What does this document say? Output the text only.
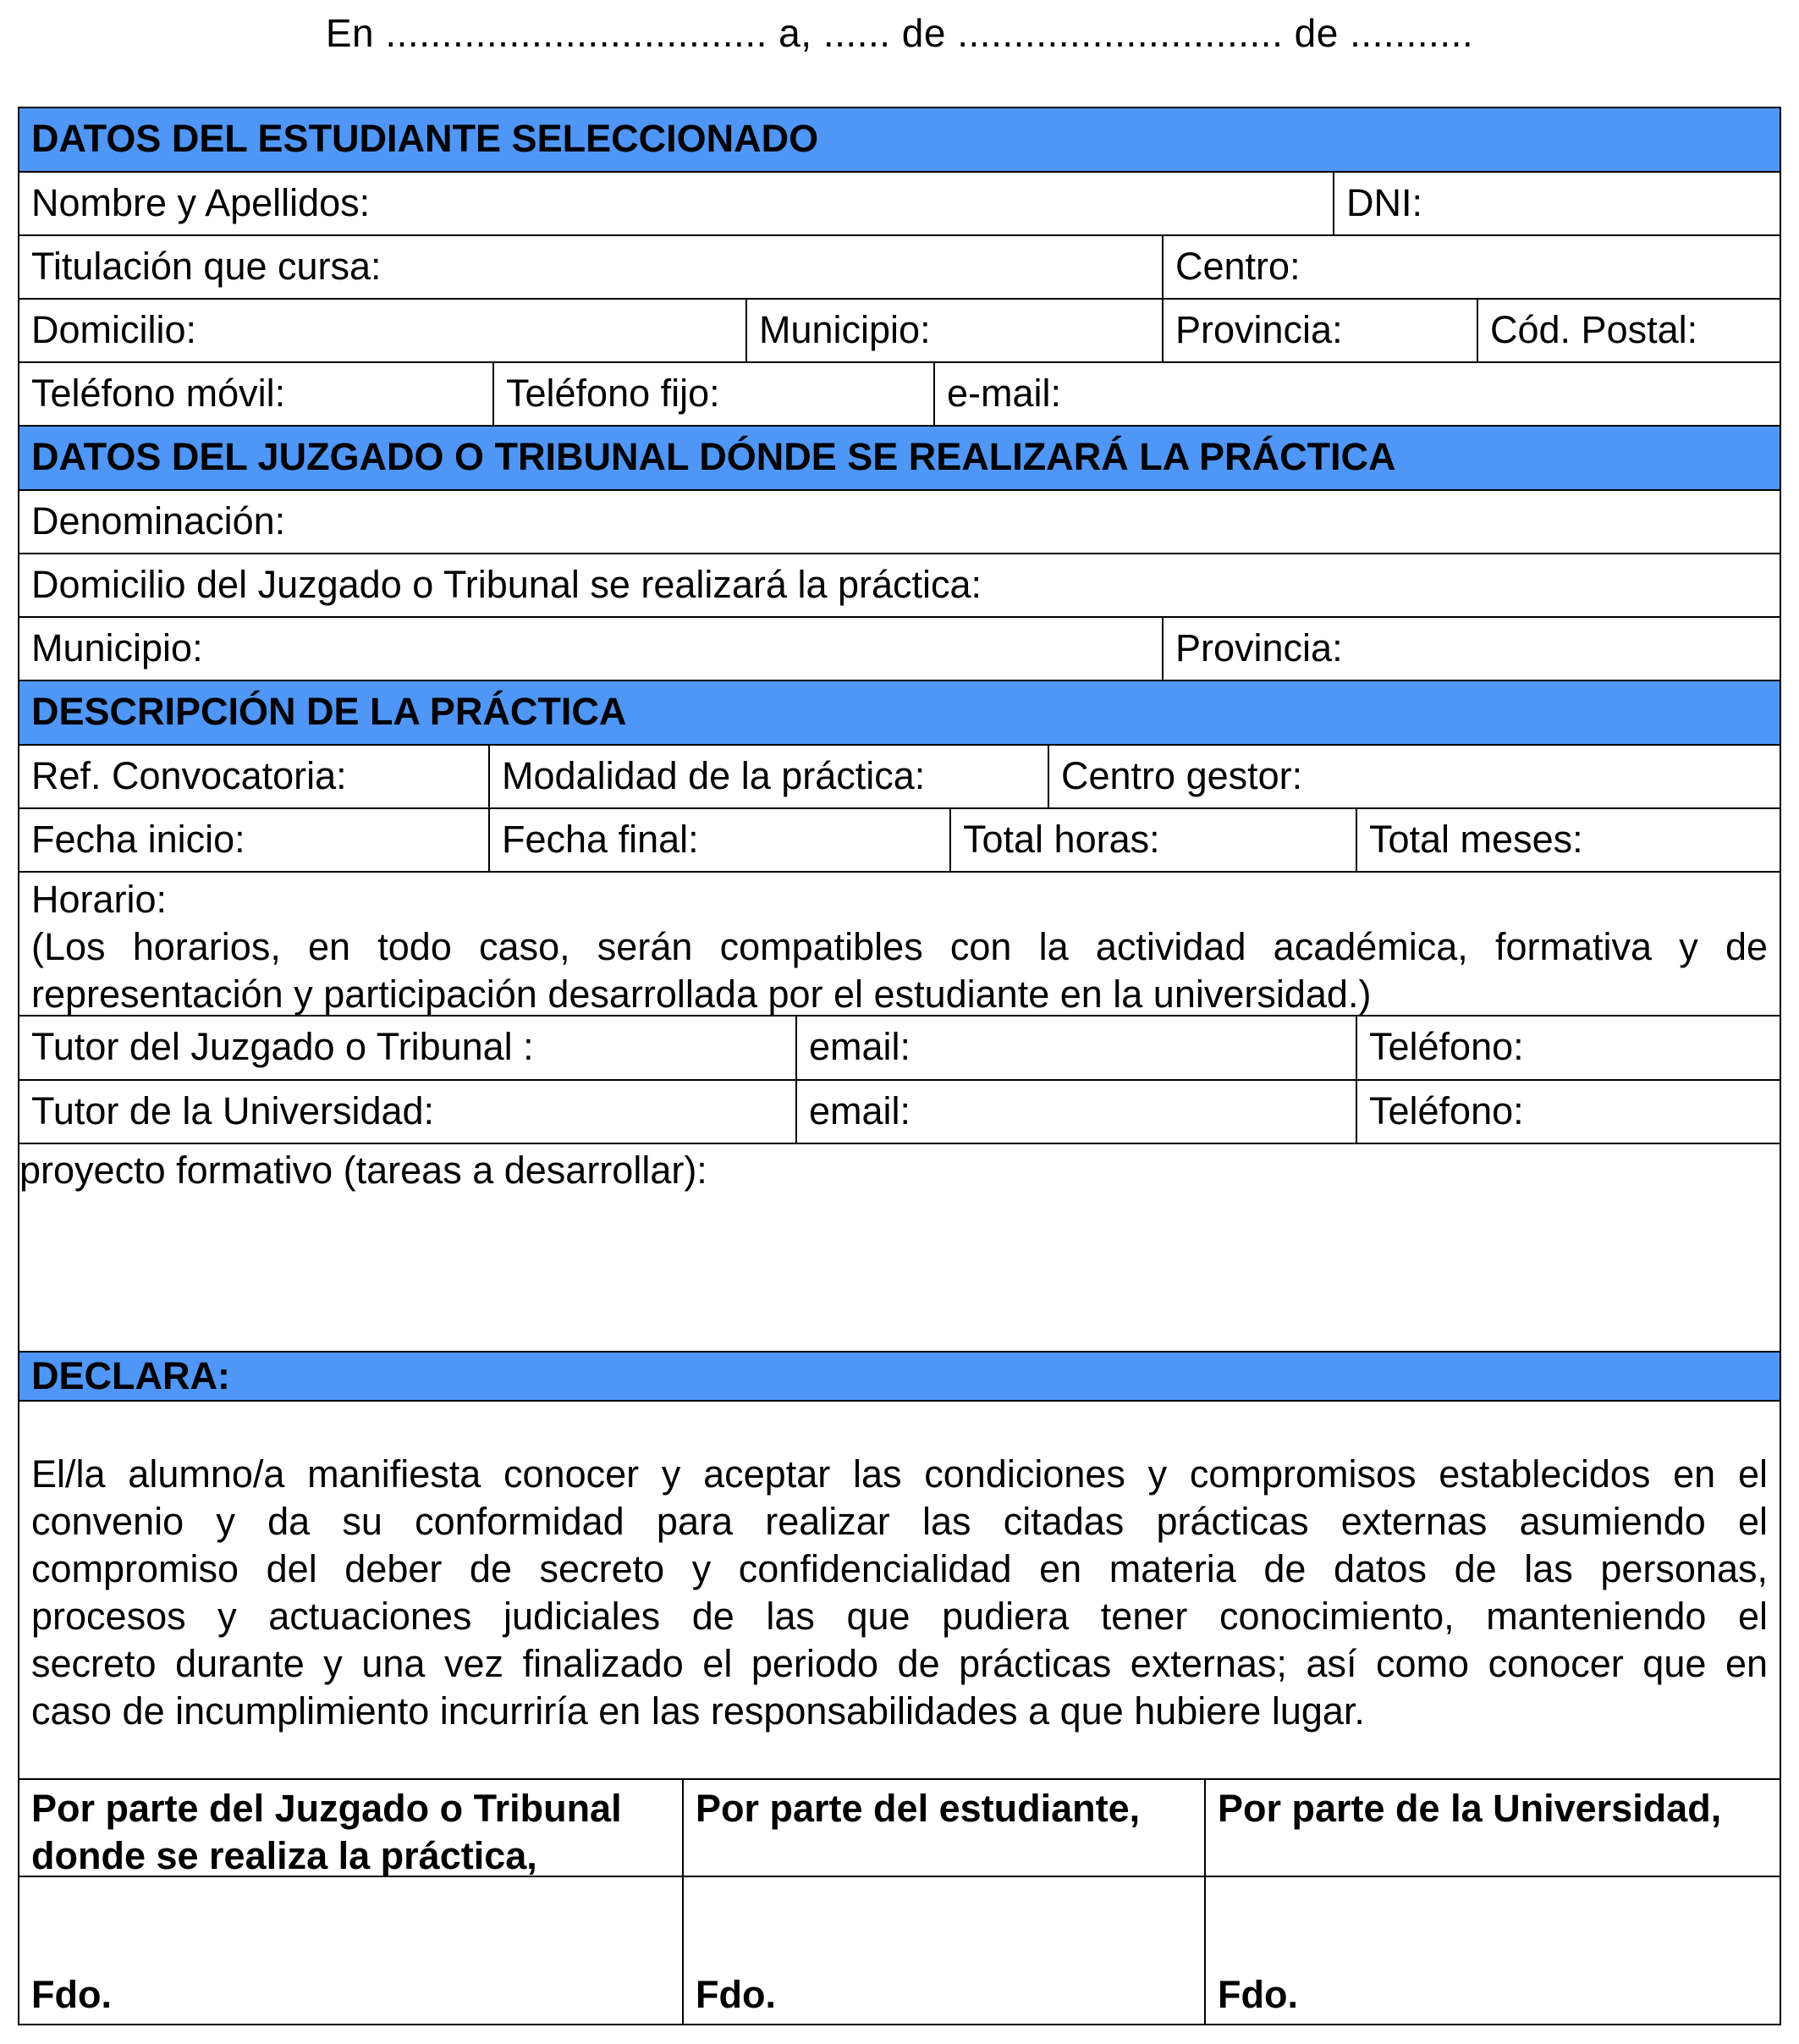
En .................................. a, ...... de ............................. de ...........
DATOS DEL ESTUDIANTE SELECCIONADO
Nombre y Apellidos:	DNI:
Titulación que cursa:	Centro:
Domicilio:	Municipio:	Provincia:	Cód. Postal:
Teléfono móvil:	Teléfono fijo:	e-mail:
DATOS DEL JUZGADO O TRIBUNAL DÓNDE SE REALIZARÁ LA PRÁCTICA
Denominación:
Domicilio del Juzgado o Tribunal se realizará la práctica:
Municipio:	Provincia:
DESCRIPCIÓN DE LA PRÁCTICA
Ref. Convocatoria:	Modalidad de la práctica:	Centro gestor:
Fecha inicio:	Fecha final:	Total horas:	Total meses:
Horario:
(Los horarios, en todo caso, serán compatibles con la actividad académica, formativa y de
representación y participación desarrollada por el estudiante en la universidad.)
Tutor del Juzgado o Tribunal :	email:	Teléfono:
Tutor de la Universidad:	email:	Teléfono:
proyecto formativo (tareas a desarrollar):
DECLARA:
El/la alumno/a manifiesta conocer y aceptar las condiciones y compromisos establecidos en el
convenio y da su conformidad para realizar las citadas prácticas externas asumiendo el
compromiso del deber de secreto y confidencialidad en materia de datos de las personas,
procesos y actuaciones judiciales de las que pudiera tener conocimiento, manteniendo el
secreto durante y una vez finalizado el periodo de prácticas externas; así como conocer que en
caso de incumplimiento incurriría en las responsabilidades a que hubiere lugar.
Por parte del Juzgado o Tribunal
donde se realiza la práctica,
Por parte del estudiante,	Por parte de la Universidad,
Fdo.	Fdo.	Fdo.
